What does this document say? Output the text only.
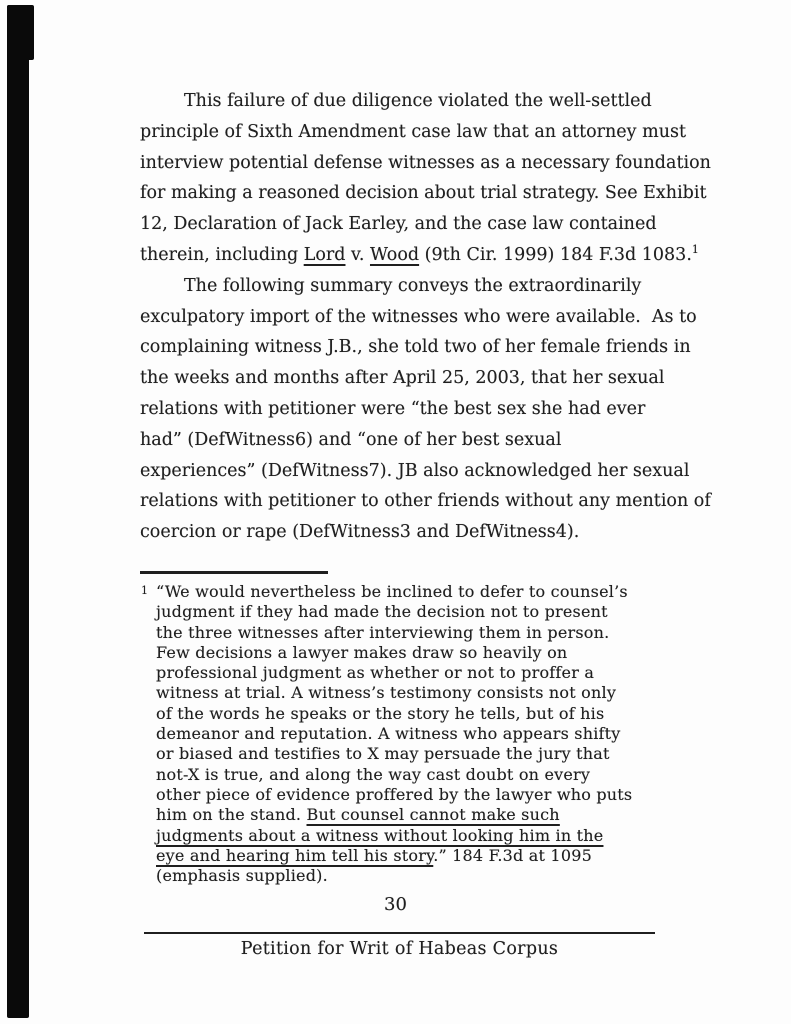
This failure of due diligence violated the well-settled
principle of Sixth Amendment case law that an attorney must
interview potential defense witnesses as a necessary foundation
for making a reasoned decision about trial strategy. See Exhibit
12, Declaration of Jack Earley, and the case law contained
therein, including Lord v. Wood (9th Cir. 1999) 184 F.3d 1083.$^1$
The following summary conveys the extraordinarily
exculpatory import of the witnesses who were available.  As to
complaining witness J.B., she told two of her female friends in
the weeks and months after April 25, 2003, that her sexual
relations with petitioner were “the best sex she had ever
had” (DefWitness6) and “one of her best sexual
experiences” (DefWitness7). JB also acknowledged her sexual
relations with petitioner to other friends without any mention of
coercion or rape (DefWitness3 and DefWitness4).
1 “We would nevertheless be inclined to defer to counsel’s
judgment if they had made the decision not to present
the three witnesses after interviewing them in person.
Few decisions a lawyer makes draw so heavily on
professional judgment as whether or not to proffer a
witness at trial. A witness’s testimony consists not only
of the words he speaks or the story he tells, but of his
demeanor and reputation. A witness who appears shifty
or biased and testifies to X may persuade the jury that
not-X is true, and along the way cast doubt on every
other piece of evidence proffered by the lawyer who puts
him on the stand. But counsel cannot make such
judgments about a witness without looking him in the
eye and hearing him tell his story.” 184 F.3d at 1095
(emphasis supplied).
30
Petition for Writ of Habeas Corpus
